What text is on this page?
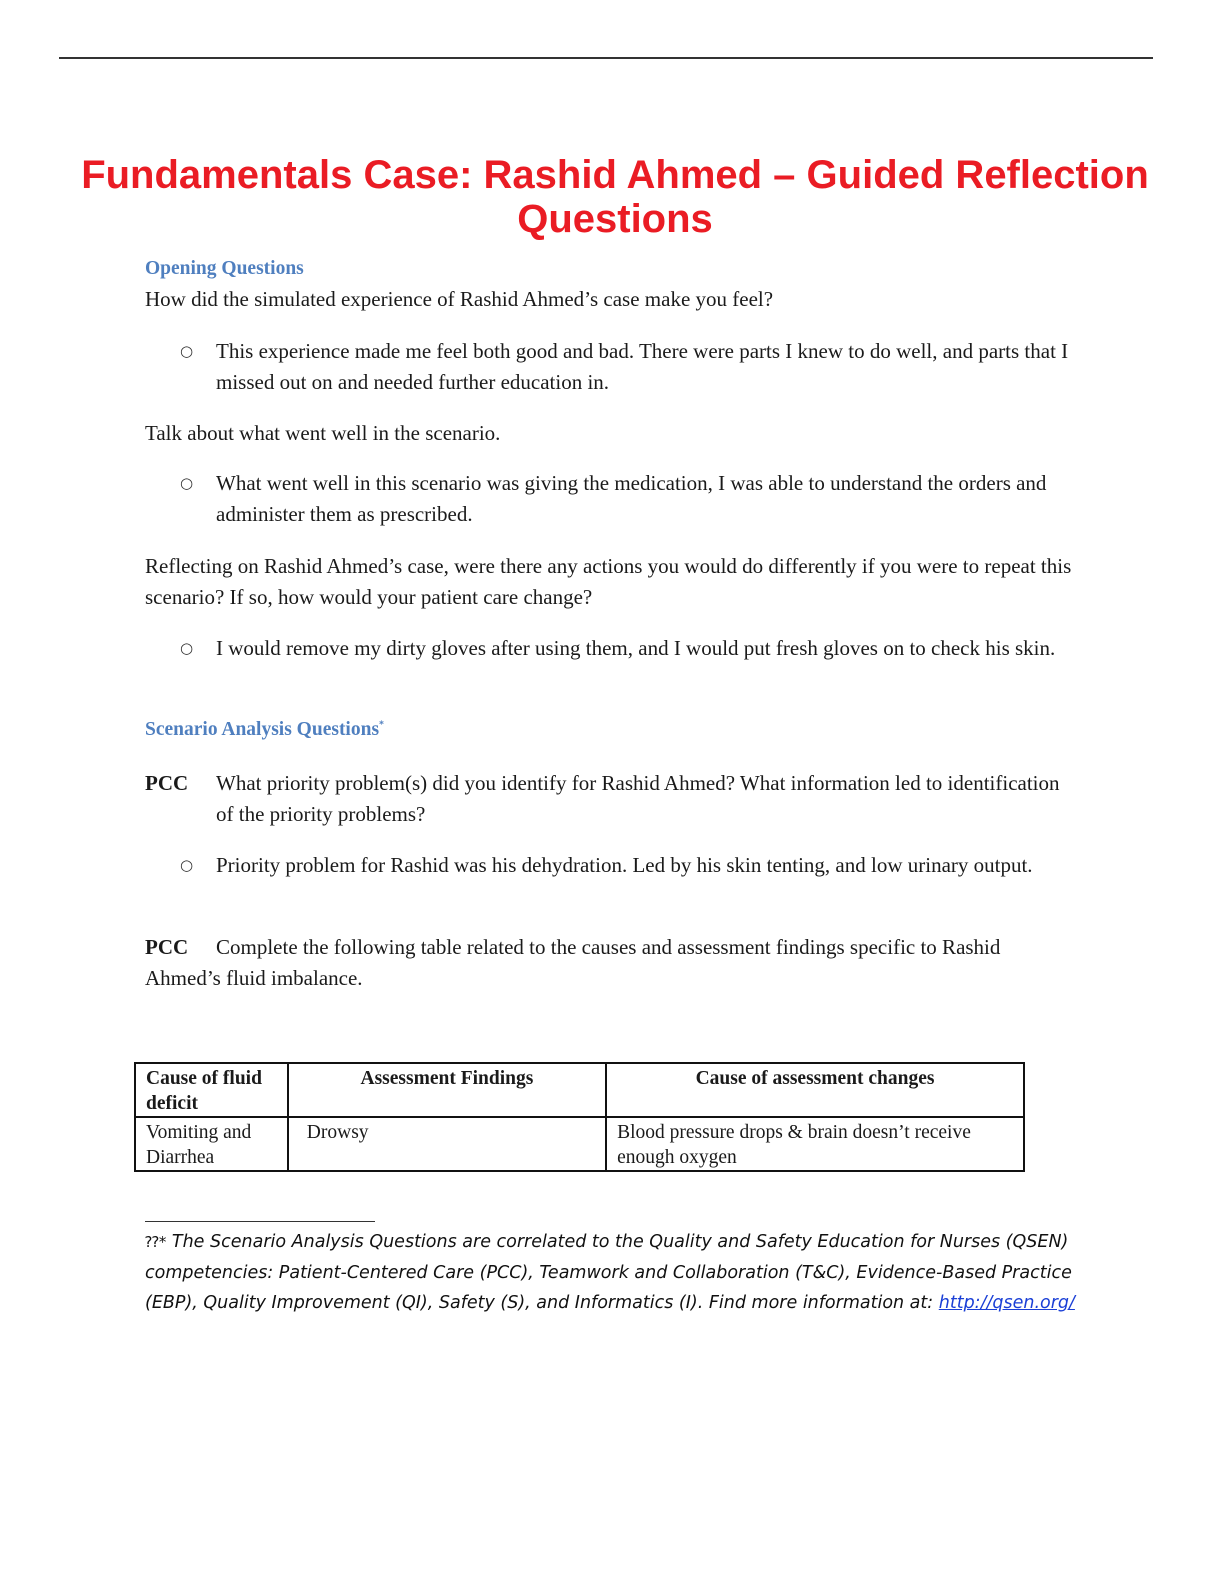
Fundamentals Case: Rashid Ahmed – Guided Reflection Questions
Opening Questions

How did the simulated experience of Rashid Ahmed’s case make you feel?

○ This experience made me feel both good and bad. There were parts I knew to do well, and parts that I missed out on and needed further education in.

Talk about what went well in the scenario.

○ What went well in this scenario was giving the medication, I was able to understand the orders and administer them as prescribed.

Reflecting on Rashid Ahmed’s case, were there any actions you would do differently if you were to repeat this scenario? If so, how would your patient care change?

○ I would remove my dirty gloves after using them, and I would put fresh gloves on to check his skin.
Scenario Analysis Questions*
PCC What priority problem(s) did you identify for Rashid Ahmed? What information led to identification of the priority problems?

○ Priority problem for Rashid was his dehydration. Led by his skin tenting, and low urinary output.

PCC Complete the following table related to the causes and assessment findings specific to Rashid Ahmed’s fluid imbalance.

Cause of fluid deficit	Assessment Findings	Cause of assessment changes
Vomiting and Diarrhea	Drowsy	Blood pressure drops & brain doesn’t receive enough oxygen

⁇* The Scenario Analysis Questions are correlated to the Quality and Safety Education for Nurses (QSEN) competencies: Patient-Centered Care (PCC), Teamwork and Collaboration (T&C), Evidence-Based Practice (EBP), Quality Improvement (QI), Safety (S), and Informatics (I). Find more information at: http://qsen.org/
